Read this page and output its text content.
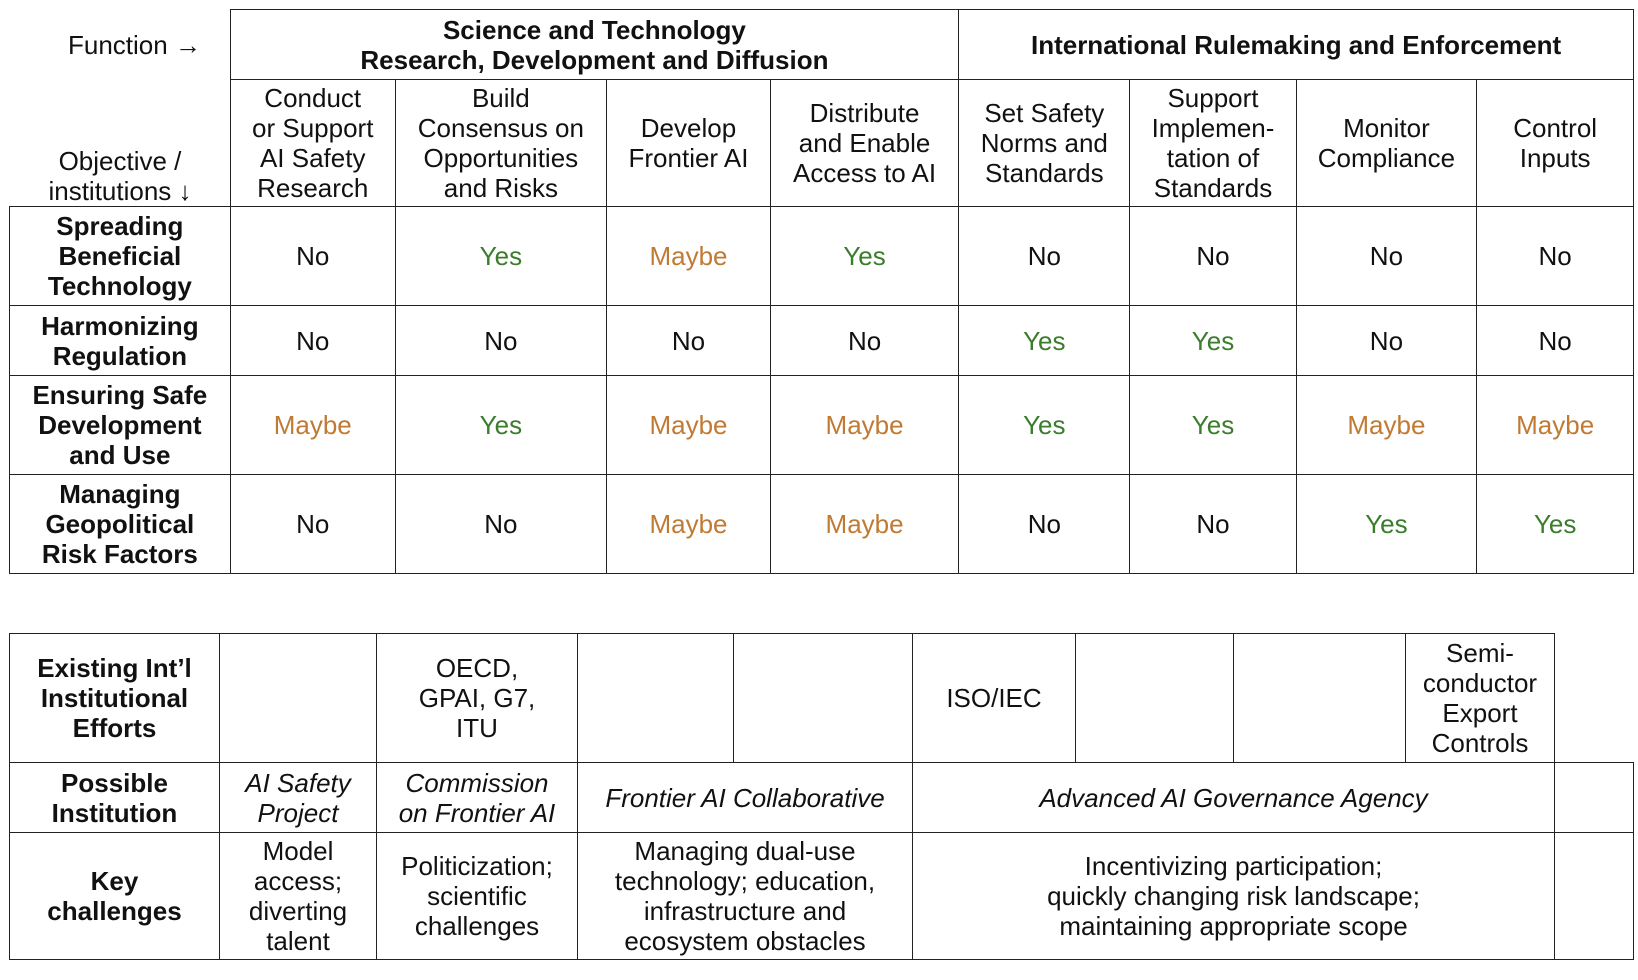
Function →
Objective /
institutions ↓
	Science and Technology
Research, Development and Diffusion				International Rulemaking and Enforcement			
	Conduct
or Support
AI Safety
Research	Build
Consensus on
Opportunities
and Risks	Develop
Frontier AI	Distribute
and Enable
Access to AI	Set Safety
Norms and
Standards	Support
Implemen-
tation of
Standards	Monitor
Compliance	Control
Inputs
Spreading
Beneficial
Technology	No	Yes	Maybe	Yes	No	No	No	No
Harmonizing
Regulation	No	No	No	No	Yes	Yes	No	No
Ensuring Safe
Development
and Use	Maybe	Yes	Maybe	Maybe	Yes	Yes	Maybe	Maybe
Managing
Geopolitical
Risk Factors	No	No	Maybe	Maybe	No	No	Yes	Yes
Existing Int’l
Institutional
Efforts		OECD,
GPAI, G7,
ITU			ISO/IEC			Semi-
conductor
Export
Controls	
Possible
Institution	AI Safety
Project	Commission
on Frontier AI	Frontier AI Collaborative		Advanced AI Governance Agency				
Key
challenges	Model
access;
diverting
talent	Politicization;
scientific
challenges	Managing dual-use
technology; education,
infrastructure and
ecosystem obstacles		Incentivizing participation;
quickly changing risk landscape;
maintaining appropriate scope				
